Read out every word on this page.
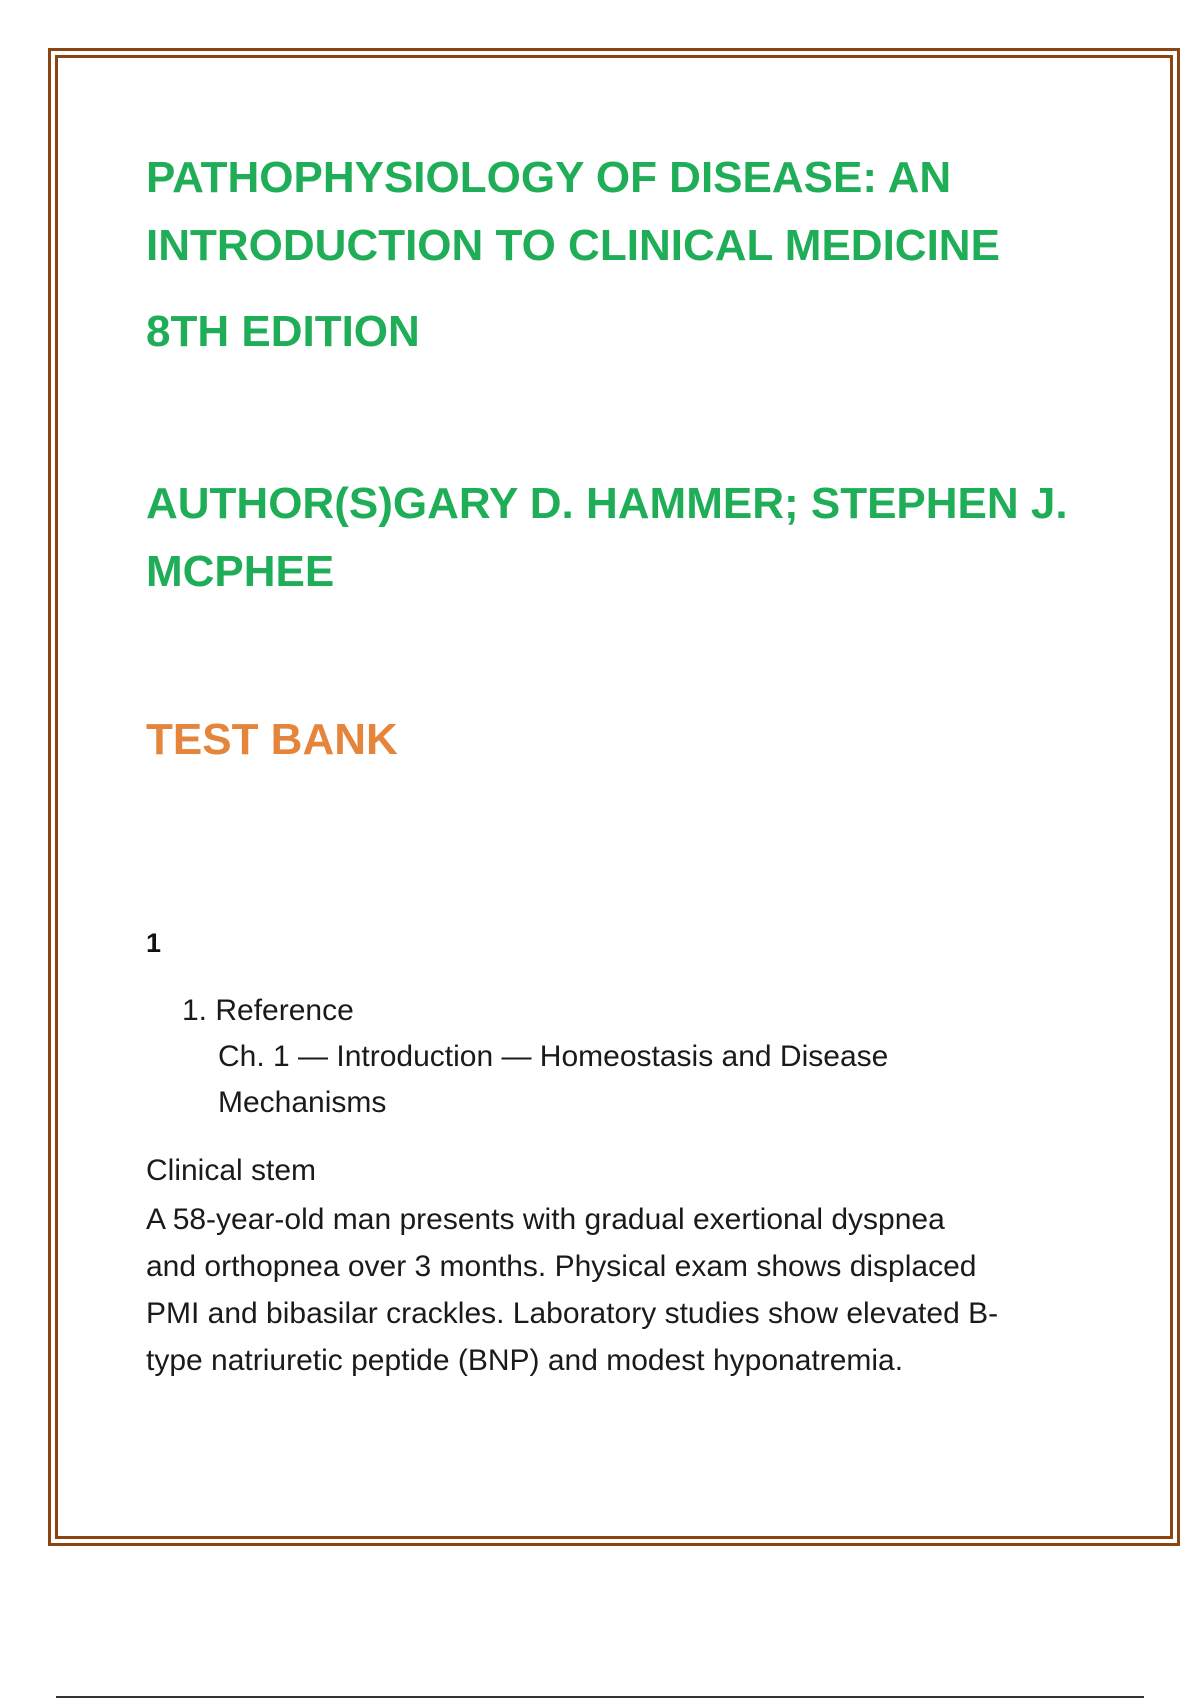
PATHOPHYSIOLOGY OF DISEASE: AN
INTRODUCTION TO CLINICAL MEDICINE
8TH EDITION
AUTHOR(S)GARY D. HAMMER; STEPHEN J.
MCPHEE
TEST BANK
1
1. Reference
Ch. 1 — Introduction — Homeostasis and Disease
Mechanisms
Clinical stem
A 58-year-old man presents with gradual exertional dyspnea
and orthopnea over 3 months. Physical exam shows displaced
PMI and bibasilar crackles. Laboratory studies show elevated B-
type natriuretic peptide (BNP) and modest hyponatremia.
